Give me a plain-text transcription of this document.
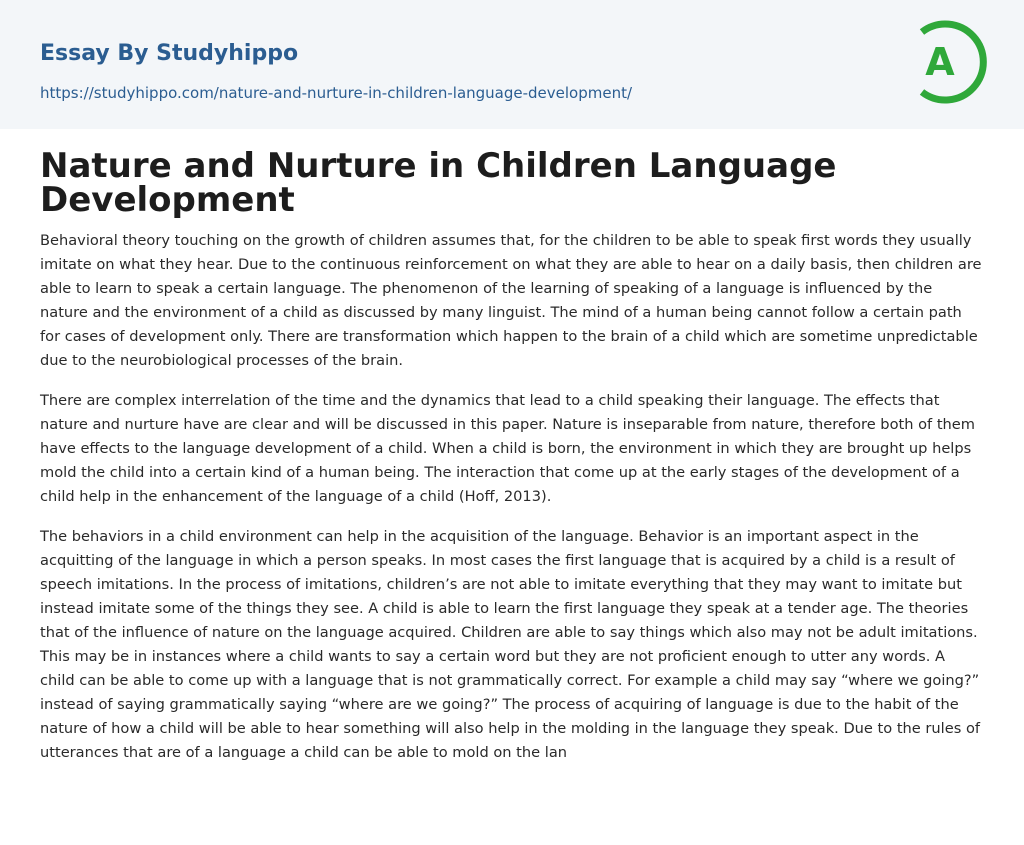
Essay By Studyhippo
https://studyhippo.com/nature-and-nurture-in-children-language-development/
A
Nature and Nurture in Children Language Development

Behavioral theory touching on the growth of children assumes that, for the children to be able to speak first words they usually imitate on what they hear. Due to the continuous reinforcement on what they are able to hear on a daily basis, then children are able to learn to speak a certain language. The phenomenon of the learning of speaking of a language is influenced by the nature and the environment of a child as discussed by many linguist. The mind of a human being cannot follow a certain path for cases of development only. There are transformation which happen to the brain of a child which are sometime unpredictable due to the neurobiological processes of the brain.

There are complex interrelation of the time and the dynamics that lead to a child speaking their language. The effects that nature and nurture have are clear and will be discussed in this paper. Nature is inseparable from nature, therefore both of them have effects to the language development of a child. When a child is born, the environment in which they are brought up helps mold the child into a certain kind of a human being. The interaction that come up at the early stages of the development of a child help in the enhancement of the language of a child (Hoff, 2013).

The behaviors in a child environment can help in the acquisition of the language. Behavior is an important aspect in the acquitting of the language in which a person speaks. In most cases the first language that is acquired by a child is a result of speech imitations. In the process of imitations, children’s are not able to imitate everything that they may want to imitate but instead imitate some of the things they see. A child is able to learn the first language they speak at a tender age. The theories that of the influence of nature on the language acquired. Children are able to say things which also may not be adult imitations. This may be in instances where a child wants to say a certain word but they are not proficient enough to utter any words. A child can be able to come up with a language that is not grammatically correct. For example a child may say “where we going?” instead of saying grammatically saying “where are we going?” The process of acquiring of language is due to the habit of the nature of how a child will be able to hear something will also help in the molding in the language they speak. Due to the rules of utterances that are of a language a child can be able to mold on the lan
